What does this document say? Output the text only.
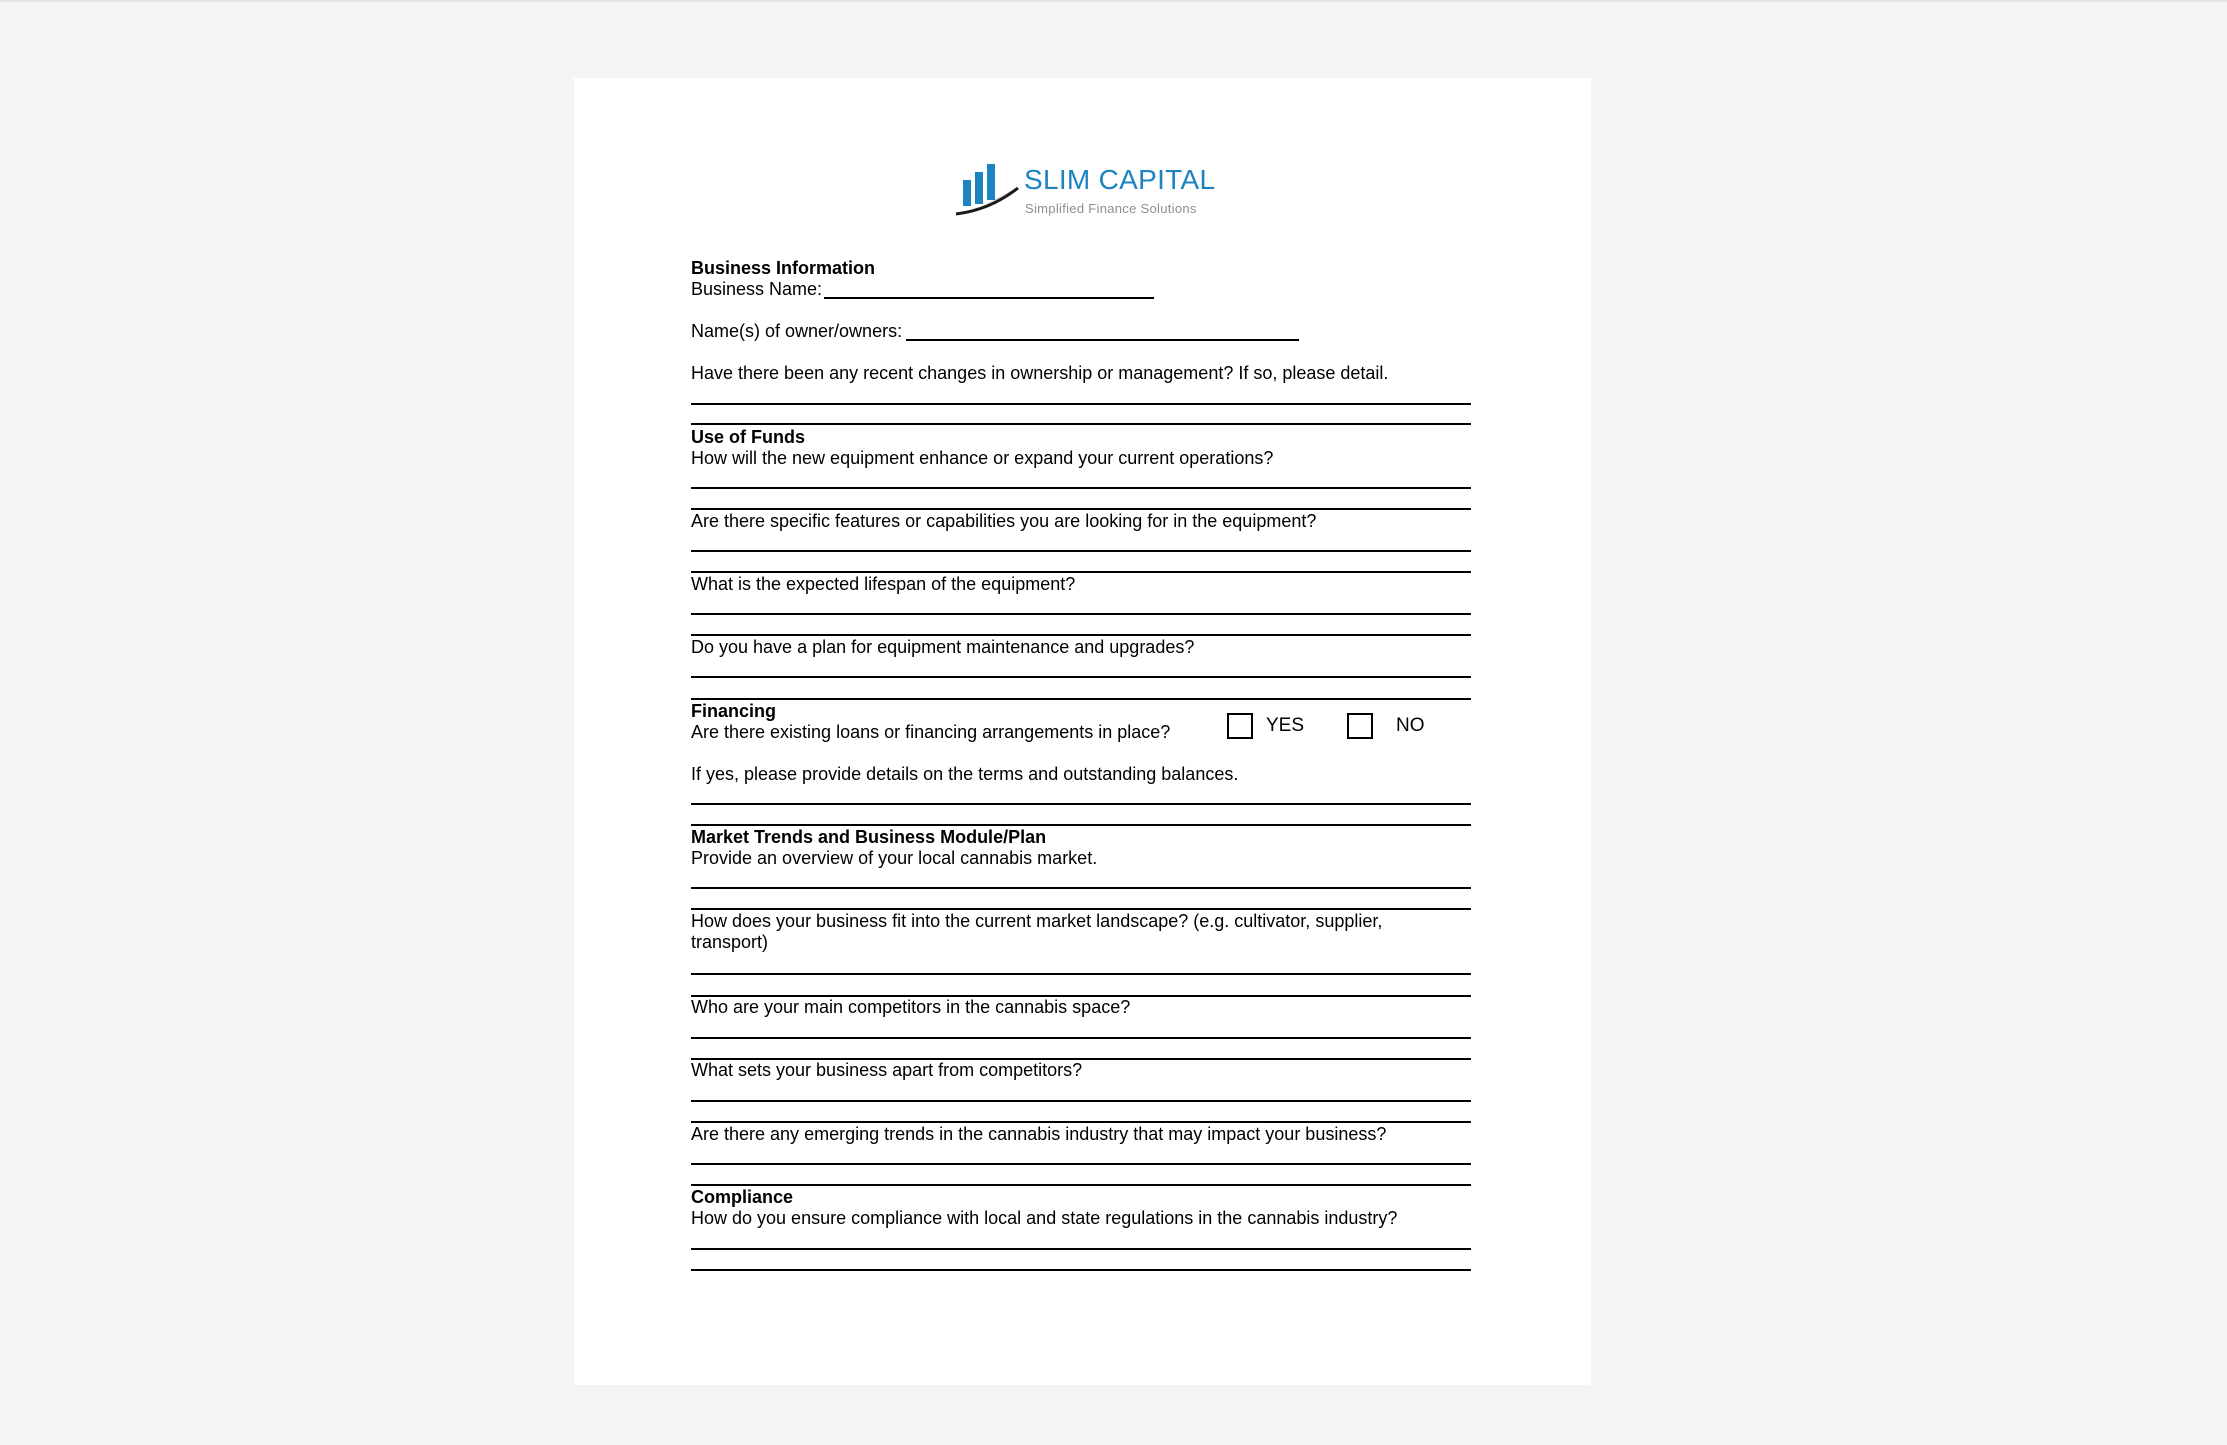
SLIM CAPITAL
Simplified Finance Solutions
Business Information
Business Name:
Name(s) of owner/owners:
Have there been any recent changes in ownership or management? If so, please detail.
Use of Funds
How will the new equipment enhance or expand your current operations?
Are there specific features or capabilities you are looking for in the equipment?
What is the expected lifespan of the equipment?
Do you have a plan for equipment maintenance and upgrades?
Financing
Are there existing loans or financing arrangements in place?	YES	NO
If yes, please provide details on the terms and outstanding balances.
Market Trends and Business Module/Plan
Provide an overview of your local cannabis market.
How does your business fit into the current market landscape? (e.g. cultivator, supplier,
transport)
Who are your main competitors in the cannabis space?
What sets your business apart from competitors?
Are there any emerging trends in the cannabis industry that may impact your business?
Compliance
How do you ensure compliance with local and state regulations in the cannabis industry?
